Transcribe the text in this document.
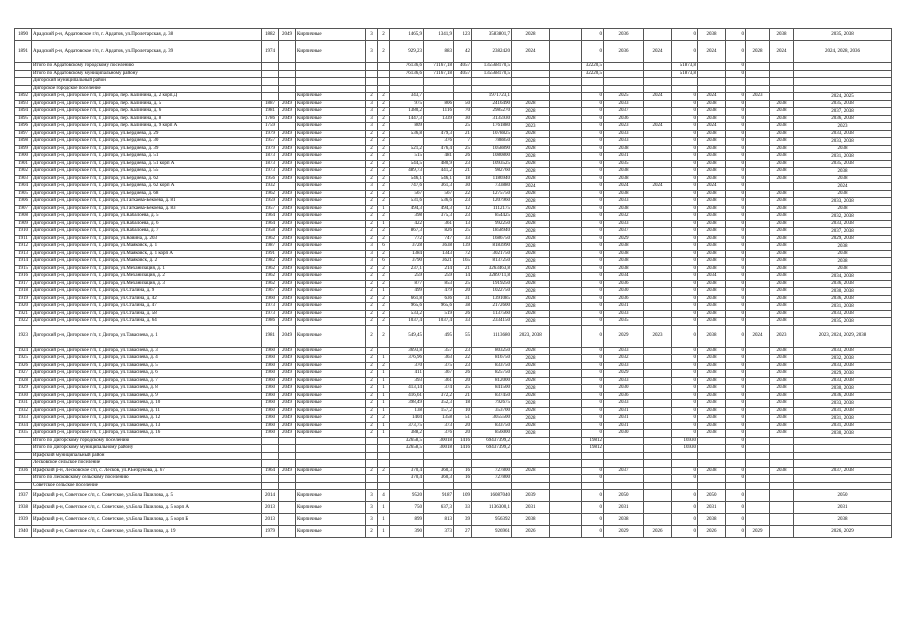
1890	Арадский р-н, Ардатовское г/п, г. Ардатов, ул.Пролетарская, д. 38	1882	2049	Кирпичные	3	2	1465,9	1341,9	123	3583801,7	2028		0	2036		0	2038	0		2038	2035, 2038
1891	Арадский р-н, Ардатовское г/п, г. Ардатов, ул.Пролетарская, д. 39	1974		Кирпичные	3	2	929,23	883	42	2382420	2024		0	2036	2024	0	2024	0	2028	2024	2024, 2028, 2036
	Итого по Ардатовскому городскому поселению						76136,6	71167,18	4057	135568170,5			32220,5			51873,8		0			
	Итого по Ардатовскому муниципальному району						76136,6	71167,18	4057	135568170,5			32220,5			51873,8		0			
	Дигорский муниципальный район																				
	Дигорское городское поселение																				
1892	Дигорский р-н, Дигорское г/п, г. Дигора, пер. Калинина, д. 2 корп.Д			Кирпичные	2	2	343,7			1971723,1			0	2025	2024	0	2024	0	2023		2024, 2025
1893	Дигорский р-н, Дигорское г/п, г. Дигора, пер. Калинина, д. 5	1887	2049	Кирпичные	3	2	975	806	50	2416490	2028		0	2033		0	2038	0		2038	2035, 2038
1894	Дигорский р-н, Дигорское г/п, г. Дигора, пер. Калинина, д. 6	1981	2049	Кирпичные	3	2	1380,2	1116	70	2985270	2028		0	2037		0	2038	0		2038	2037, 2038
1895	Дигорский р-н, Дигорское г/п, г. Дигора, пер. Калинина, д. 8	1786	2049	Кирпичные	3	2	1447,3	1339	30	3135930	2028		0	2036		0	2038	0		2038	2036, 2038
1896	Дигорский р-н, Дигорское г/п, г. Дигора, пер. Калинина, д. 9 корп А	1759		Кирпичные	3	2	809		25	1761880	2023		0	2023	2024	0	2024	0		2038	2023
1897	Дигорский р-н, Дигорское г/п, г. Дигора, ул.Бердиева, д. 29	1979	2049	Кирпичные	2	2	536,8	479,3	21	1078825	2028		0	2033		0	2038	0		2038	2033, 2038
1898	Дигорский р-н, Дигорское г/п, г. Дигора, ул.Бердиева, д. 30	1957	2049	Кирпичные	2	2		376	7	788850	2028		0	2033		0	2038	0		2038	2033, 2038
1899	Дигорский р-н, Дигорское г/п, г. Дигора, ул.Бердиева, д. 39	1979	2049	Кирпичные	2	2	521,2	476,4	25	1058890	2028		0	2038		0	2038	0		2038	2038
1900	Дигорский р-н, Дигорское г/п, г. Дигора, ул.Бердиева, д. 51	1873	2049	Кирпичные	2	2	515	481	26	1080800	2028		0	2031		0	2038	0		2038	2031, 2038
1901	Дигорский р-н, Дигорское г/п, г. Дигора, ул.Бердиева, д. 51 корп А	1873	2049	Кирпичные	2	2	544,5	480,9	23	1093525	2028		0	2035		0	2038	0		2038	2035, 2038
1902	Дигорский р-н, Дигорское г/п, г. Дигора, ул.Бердиева, д. 55	1973	2049	Кирпичные	2	2	489,73	441,2	21	982760	2028		0	2038		0	2038	0		2038	2038
1903	Дигорский р-н, Дигорское г/п, г. Дигора, ул.Бердиева, д. 62	1956	2049	Кирпичные	2	2	546,1	546,1	18	1186940	2028		0	2038		0	2038	0		2038	2038
1904	Дигорский р-н, Дигорское г/п, г. Дигора, ул.Бердиева, д. 62 корп А	1932		Кирпичные	3	2	747,6	361,3	30	733880	2024		0	2024	2024	0	2024	0			2024
1905	Дигорский р-н, Дигорское г/п, г. Дигора, ул.Бердиева, д. 68	1962	2049	Кирпичные	2	2	567	567	22	1275750	2028		0	2038		0	2038	0		2038	2038
1906	Дигорский р-н, Дигорское г/п, г. Дигора, ул.Гагкаева-Бекоева, д. 81	1959	2049	Кирпичные	2	2	531,6	536,6	23	1207960	2028		0	2033		0	2038	0		2038	2033, 2038
1907	Дигорский р-н, Дигорское г/п, г. Дигора, ул.Гагкаева-Бекоева, д. 83	1957	2049	Кирпичные	2	1	494,3	494,3	12	1112175	2028		0	2038		0	2038	0		2038	2038
1908	Дигорский р-н, Дигорское г/п, г. Дигора, ул.Кабалоева, д. 5	1964	2049	Кирпичные	2	2	398	375,3	23	854425	2028		0	2032		0	2038	0		2038	2032, 2038
1909	Дигорский р-н, Дигорское г/п, г. Дигора, ул.Кабалоева, д. 6	1964	2049	Кирпичные	2	1	422	361	13	992250	2028		0	2033		0	2038	0		2038	2033, 2038
1910	Дигорский р-н, Дигорское г/п, г. Дигора, ул.Кабалоева, д. 7	1958	2049	Кирпичные	2	2	867,3	826	25	1858940	2028		0	2037		0	2038	0		2038	2037, 2038
1911	Дигорский р-н, Дигорское г/п, г. Дигора, ул.Ковина, д. 203	1962	2049	Кирпичные	2	2	772	747	33	1686750	2028		0	2029		0	2038	0		2038	2029, 2038
1912	Дигорский р-н, Дигорское г/п, г. Дигора, ул.Маяковск, д. 1	1987	2049	Кирпичные	3	6	3728	3638	139	8183990	2028		0	2038		0	2038	0		2038	2038
1913	Дигорский р-н, Дигорское г/п, г. Дигора, ул.Маяковск, д. 1 корп А	1991	2049	Кирпичные	3	2	1384	1343	72	3021750	2028		0	2038		0	2038	0		2038	2038
1914	Дигорский р-н, Дигорское г/п, г. Дигора, ул.Маяковск, д. 2	1982	2049	Кирпичные	3	6	3790	3621	165	8137250	2028		0	2038		0	2038	0		2038	2038
1915	Дигорский р-н, Дигорское г/п, г. Дигора, ул.Механизация, д. 1	1962	2049	Кирпичные	2	2	237,1	214	21	3263463,8	2028		0	2038		0	2038	0		2038	2038
1916	Дигорский р-н, Дигорское г/п, г. Дигора, ул.Механизация, д. 2	1962	2049	Кирпичные	2	2	259	259	14	3289711,8	2028		0	2034		0	2034	0		2038	2034, 2038
1917	Дигорский р-н, Дигорское г/п, г. Дигора, ул.Механизация, д. 3	1962	2049	Кирпичные	2	2	877	853	25	1919250	2028		0	2036		0	2038	0		2038	2036, 2038
1918	Дигорский р-н, Дигорское г/п, г. Дигора, ул.Сталина, д. 9	1967	2049	Кирпичные	2	1	499	479	20	1022750	2028		0	2030		0	2038	0		2038	2030, 2038
1919	Дигорский р-н, Дигорское г/п, г. Дигора, ул.Сталина, д. 42	1960	2049	Кирпичные	2	2	661,8	636	31	1391085	2028		0	2036		0	2038	0		2038	2036, 2038
1920	Дигорский р-н, Дигорское г/п, г. Дигора, ул.Сталина, д. 47	1973	2049	Кирпичные	2	2	965,6	965,6	38	2172600	2028		0	2031		0	2038	0		2038	2031, 2038
1921	Дигорский р-н, Дигорское г/п, г. Дигора, ул.Сталина, д. 58	1973	2049	Кирпичные	2	2	533,2	519	26	1137560	2028		0	2033		0	2038	0		2038	2033, 2038
1922	Дигорский р-н, Дигорское г/п, г. Дигора, ул.Сталина, д. 64	1986	2049	Кирпичные	2	2	1037,4	1037,4	33	2334150	2028		0	2035		0	2038	0		2038	2035, 2038
1923	Дигорский р-н, Дигорское г/п, г. Дигора, ул.Тавасиева, д. 1	1981	2049	Кирпичные	2	2	549,45	495	55	1113680	2023, 2038		0	2029	2023	0	2038	0	2024	2023	2023, 2024, 2029, 2038
1924	Дигорский р-н, Дигорское г/п, г. Дигора, ул.Тавасиева, д. 3	1960	2049	Кирпичные	2		3693,8	357	23	803250	2028		0	2033		0	2038	0		2038	2033, 2038
1925	Дигорский р-н, Дигорское г/п, г. Дигора, ул.Тавасиева, д. 4	1960	2049	Кирпичные	2	1	376,96	363	22	816750	2028		0	2032		0	2038	0		2038	2032, 2038
1926	Дигорский р-н, Дигорское г/п, г. Дигора, ул.Тавасиева, д. 5	1960	2049	Кирпичные	2	2	370	375	23	833750	2028		0	2033		0	2038	0		2038	2033, 2038
1927	Дигорский р-н, Дигорское г/п, г. Дигора, ул.Тавасиева, д. 6	1960	2049	Кирпичные	2	1	411	367	26	825750	2028		0	2029		0	2038	0		2038	2029, 2038
1928	Дигорский р-н, Дигорское г/п, г. Дигора, ул.Тавасиева, д. 7	1960	2049	Кирпичные	2	1	393	361	20	812000	2028		0	2033		0	2038	0		2038	2033, 2038
1929	Дигорский р-н, Дигорское г/п, г. Дигора, ул.Тавасиева, д. 8	1960	2049	Кирпичные	2	1	413,14	374	25	841500	2028		0	2030		0	2038	0		2038	2030, 2038
1930	Дигорский р-н, Дигорское г/п, г. Дигора, ул.Тавасиева, д. 9	1960	2049	Кирпичные	2	1	416,61	372,2	21	837450	2028		0	2036		0	2038	0		2038	2036, 2038
1931	Дигорский р-н, Дигорское г/п, г. Дигора, ул.Тавасиева, д. 10	1960	2049	Кирпичные	2	1	398,49	352,3	18	792675	2028		0	2033		0	2038	0		2038	2033, 2038
1932	Дигорский р-н, Дигорское г/п, г. Дигора, ул.Тавасиева, д. 11	1960	2049	Кирпичные	2	1	138	157,2	10	353700	2028		0	2031		0	2038	0		2038	2031, 2038
1933	Дигорский р-н, Дигорское г/п, г. Дигора, ул.Тавасиева, д. 12	1960	2049	Кирпичные	2	2	1404	1358	51	3055500	2028		0	2031		0	2038	0		2038	2031, 2038
1934	Дигорский р-н, Дигорское г/п, г. Дигора, ул.Тавасиева, д. 13	1960	2049	Кирпичные	2	1	373,75	373	20	833750	2028		0	2031		0	2038	0		2038	2031, 2038
1935	Дигорский р-н, Дигорское г/п, г. Дигора, ул.Тавасиева, д. 16	1960	2049	Кирпичные	2	1	388,2	376	20	856000	2028		0	2030		0	2038	0		2038	2030, 2038
	Итого по Дигорскому городскому поселению						32658,5	30018	1416	69437399,2			19812			16930		0			
	Итого по Дигорскому муниципальному району						32658,5	30018	1416	69437399,2			19812			16930		0			
	Ирафский муниципальный район																				
	Лесковское сельское поселение																				
1936	Ирафский р-н, Лесковское с/п, с. Лесков, ул.Р.Безрукова, д. 67	1964	2049	Кирпичные	2	2	370,4	360,3	16	727800	2028		0	2037		0	2038	0		2038	2037, 2038
	Итого по Лесковскому сельскому поселению						370,4	360,3	16	727800			0			0		0			
	Советское сельское поселение																				
1937	Ирафский р-н, Советское с/п, с. Советское, ул.Бола Пшилова, д. 5	2014		Кирпичные	3	4	9520	9187	109	16087040	2039		0	2050		0	2050	0			2050
1938	Ирафский р-н, Советское с/п, с. Советское, ул.Бола Пшилова, д. 5 корп А	2013		Кирпичные	3	1	750	637,3	33	1136300,1	2031		0	2031		0	2031	0			2031
1939	Ирафский р-н, Советское с/п, с. Советское, ул.Бола Пшилова, д. 5 корп Б	2013		Кирпичные	3	1	899	813	39	956392	2038		0	2038		0	2038	0			2038
1940	Ирафский р-н, Советское с/п, с. Советское, ул.Бола Пшилова, д. 19	1979		Кирпичные	2	1	390	373	27	926961	2026		0	2029	2026	0	2026	0	2029		2026, 2029
